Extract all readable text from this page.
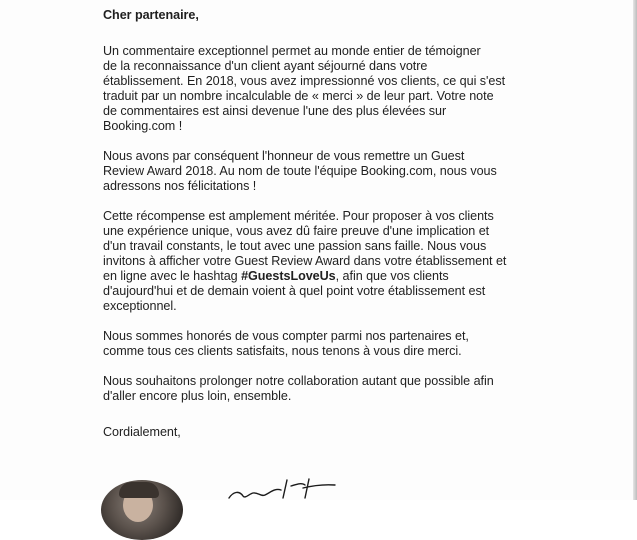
Cher partenaire,
Un commentaire exceptionnel permet au monde entier de témoigner
de la reconnaissance d'un client ayant séjourné dans votre
établissement. En 2018, vous avez impressionné vos clients, ce qui s'est
traduit par un nombre incalculable de « merci » de leur part. Votre note
de commentaires est ainsi devenue l'une des plus élevées sur
Booking.com !
Nous avons par conséquent l'honneur de vous remettre un Guest
Review Award 2018. Au nom de toute l'équipe Booking.com, nous vous
adressons nos félicitations !
Cette récompense est amplement méritée. Pour proposer à vos clients
une expérience unique, vous avez dû faire preuve d'une implication et
d'un travail constants, le tout avec une passion sans faille. Nous vous
invitons à afficher votre Guest Review Award dans votre établissement et
en ligne avec le hashtag #GuestsLoveUs, afin que vos clients
d'aujourd'hui et de demain voient à quel point votre établissement est
exceptionnel.
Nous sommes honorés de vous compter parmi nos partenaires et,
comme tous ces clients satisfaits, nous tenons à vous dire merci.
Nous souhaitons prolonger notre collaboration autant que possible afin
d'aller encore plus loin, ensemble.
Cordialement,
